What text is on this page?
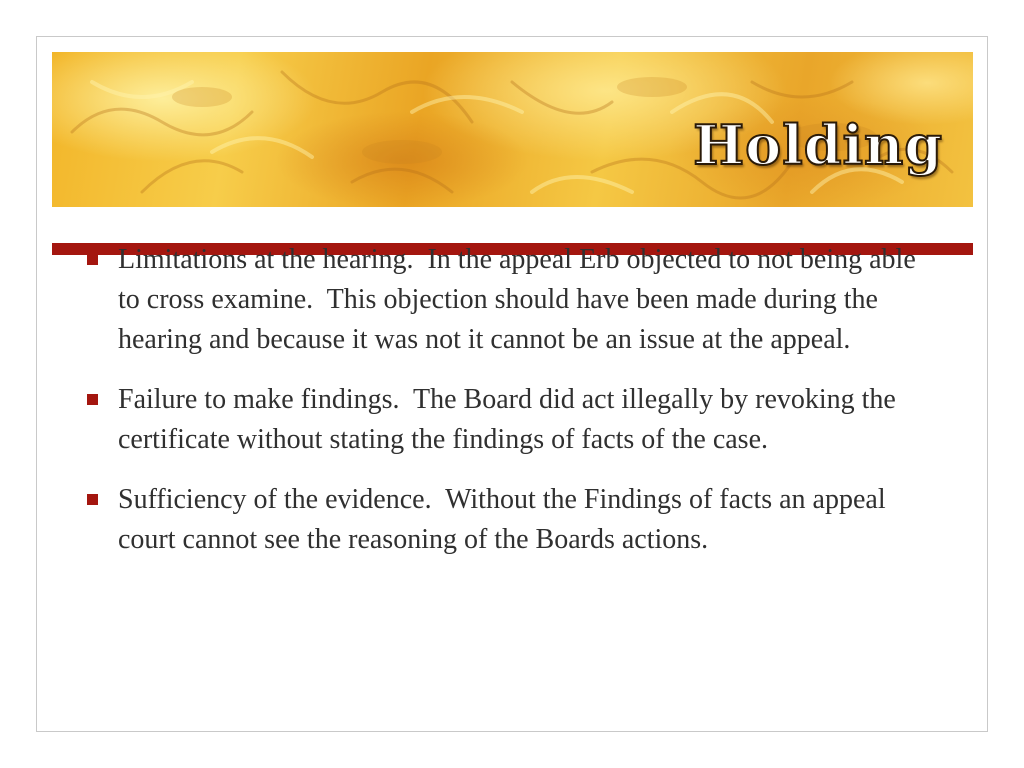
Holding
Limitations at the hearing.  In the appeal Erb objected to not being able to cross examine.  This objection should have been made during the hearing and because it was not it cannot be an issue at the appeal.
Failure to make findings.  The Board did act illegally by revoking the certificate without stating the findings of facts of the case.
Sufficiency of the evidence.  Without the Findings of facts an appeal court cannot see the reasoning of the Boards actions.
